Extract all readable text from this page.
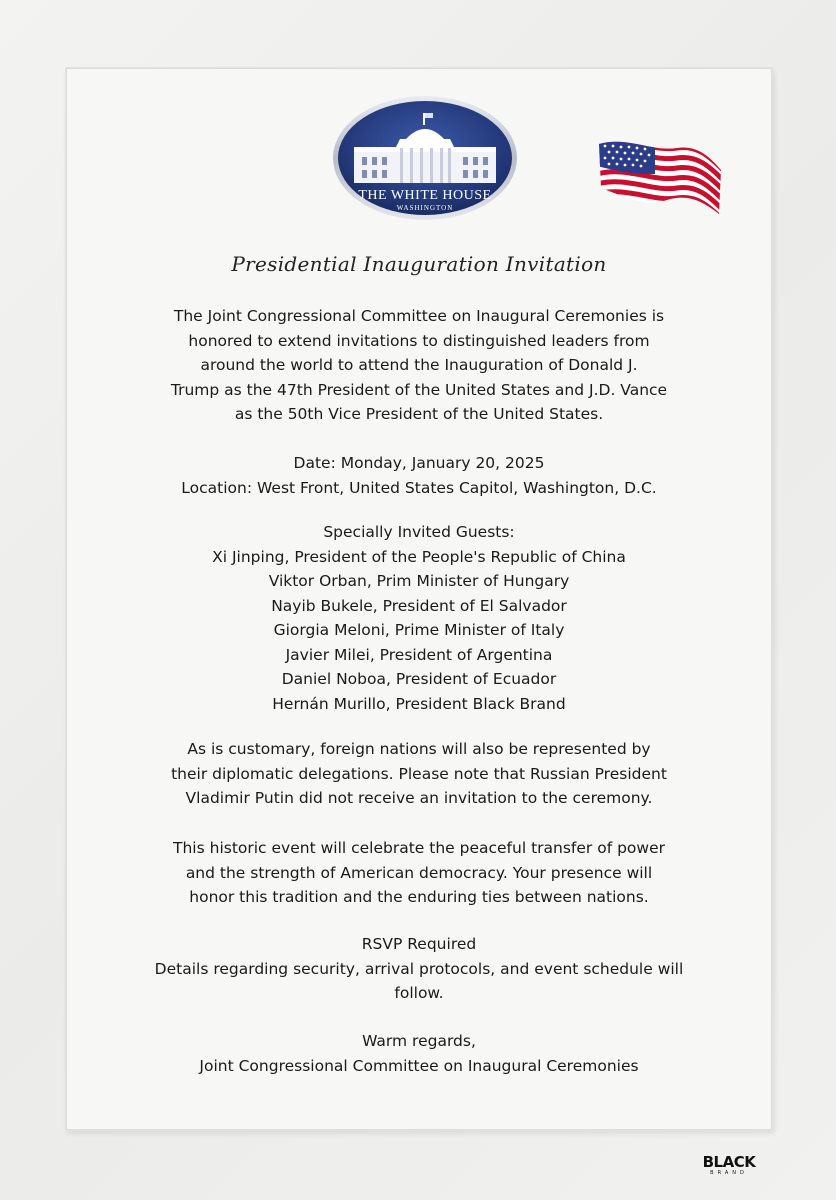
THE WHITE HOUSE
WASHINGTON
Presidential Inauguration Invitation
The Joint Congressional Committee on Inaugural Ceremonies is
honored to extend invitations to distinguished leaders from
around the world to attend the Inauguration of Donald J.
Trump as the 47th President of the United States and J.D. Vance
as the 50th Vice President of the United States.
Date: Monday, January 20, 2025
Location: West Front, United States Capitol, Washington, D.C.
Specially Invited Guests:
Xi Jinping, President of the People's Republic of China
Viktor Orban, Prim Minister of Hungary
Nayib Bukele, President of El Salvador
Giorgia Meloni, Prime Minister of Italy
Javier Milei, President of Argentina
Daniel Noboa, President of Ecuador
Hernán Murillo, President Black Brand
As is customary, foreign nations will also be represented by
their diplomatic delegations. Please note that Russian President
Vladimir Putin did not receive an invitation to the ceremony.
This historic event will celebrate the peaceful transfer of power
and the strength of American democracy. Your presence will
honor this tradition and the enduring ties between nations.
RSVP Required
Details regarding security, arrival protocols, and event schedule will
follow.
Warm regards,
Joint Congressional Committee on Inaugural Ceremonies
BLACK
BRAND
